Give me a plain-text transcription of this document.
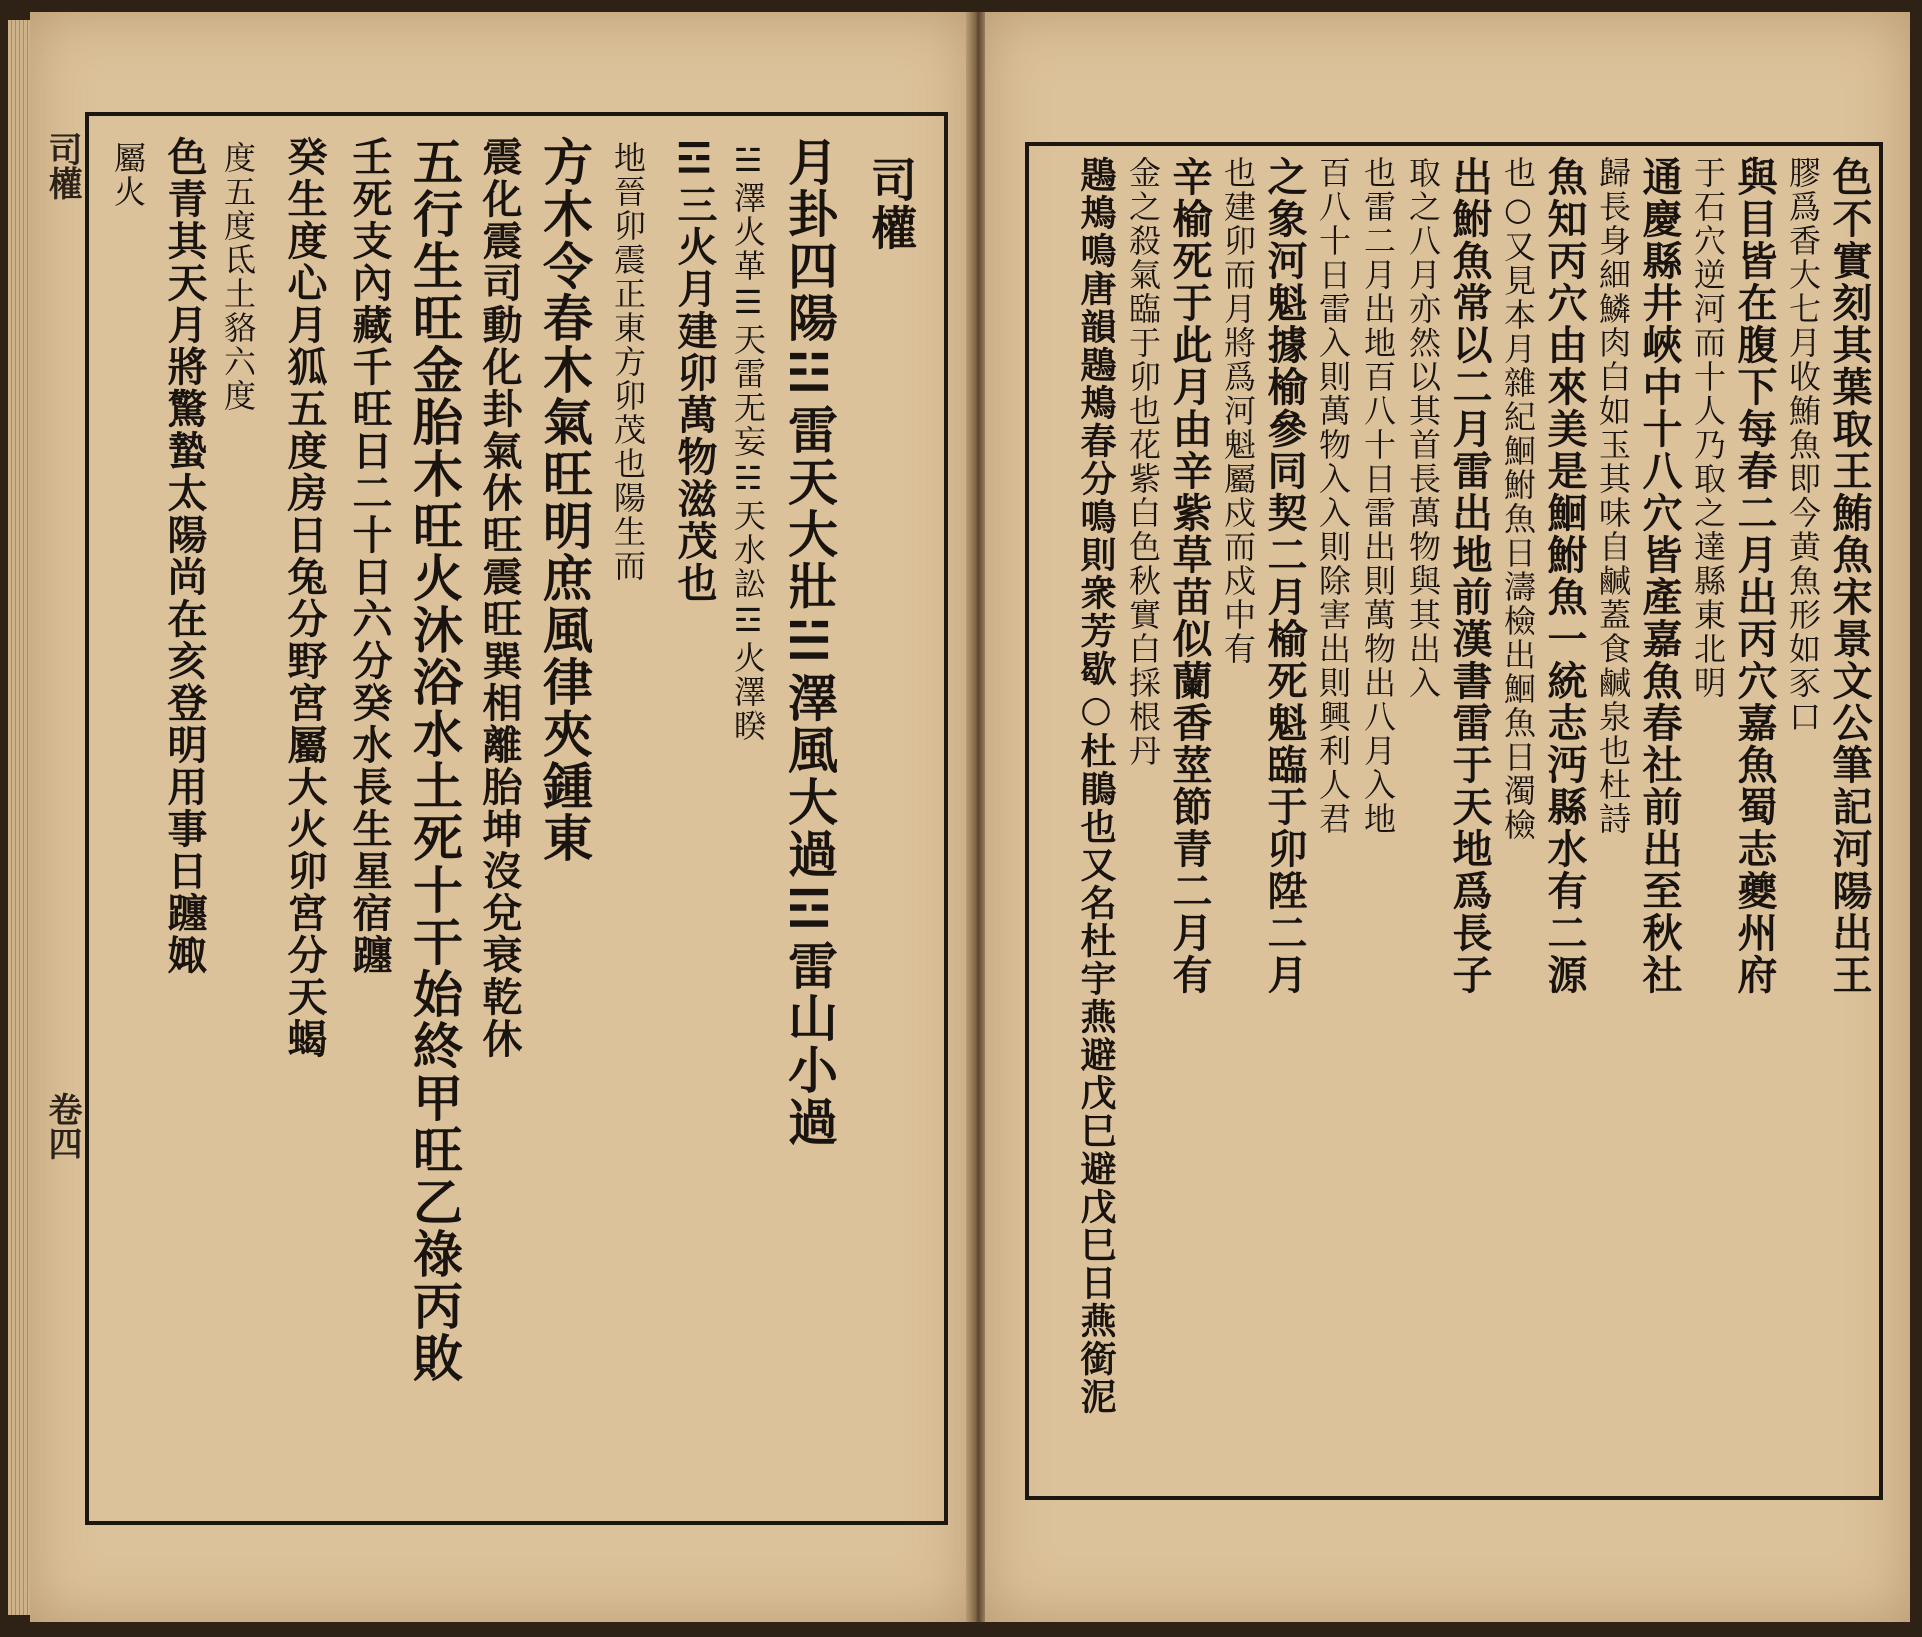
司權
月卦四陽☳雷天大壯☱澤風大過☲雷山小過
☱澤火革☰天雷无妄☵天水訟☲火澤睽
☲三火月建卯萬物滋茂也
地晉卯震正東方卯茂也陽生而
方木令春木氣旺明庶風律夾鍾東
震化震司動化卦氣休旺震旺巽相離胎坤沒兌衰乾休
五行生旺金胎木旺火沐浴水土死十干始終甲旺乙祿丙敗
壬死支內藏千旺日二十日六分癸水長生星宿躔
癸生度心月狐五度房日兔分野宮屬大火卯宮分天蝎
度五度氐土貉六度
色青其天月將驚蟄太陽尚在亥登明用事日躔娵
屬火
司權
卷四
色不實刻其葉取王鮪魚宋景文公筆記河陽出王
膠爲香大七月收鮪魚即今黄魚形如豕口
與目皆在腹下每春二月出丙穴嘉魚蜀志夔州府
于石穴逆河而十人乃取之達縣東北明
通慶縣井峽中十八穴皆產嘉魚春社前出至秋社
歸長身細鱗肉白如玉其味自鹹蓋食鹹泉也杜詩
魚知丙穴由來美是鮰鮒魚一統志沔縣水有二源
也○又見本月雜紀鮰鮒魚日濤檢出鮰魚日濁檢
出鮒魚常以二月雷出地前漢書雷于天地爲長子
取之八月亦然以其首長萬物與其出入
也雷二月出地百八十日雷出則萬物出八月入地
百八十日雷入則萬物入入則除害出則興利人君
之象河魁據榆參同契二月榆死魁臨于卯陞二月
也建卯而月將爲河魁屬戍而戍中有
辛榆死于此月由辛紫草苗似蘭香莖節青二月有
金之殺氣臨于卯也花紫白色秋實白採根丹
鶗鴂鳴唐韻鶗鴂春分鳴則衆芳歇○杜鵑也又名杜宇燕避戊巳避戊巳日燕銜泥
